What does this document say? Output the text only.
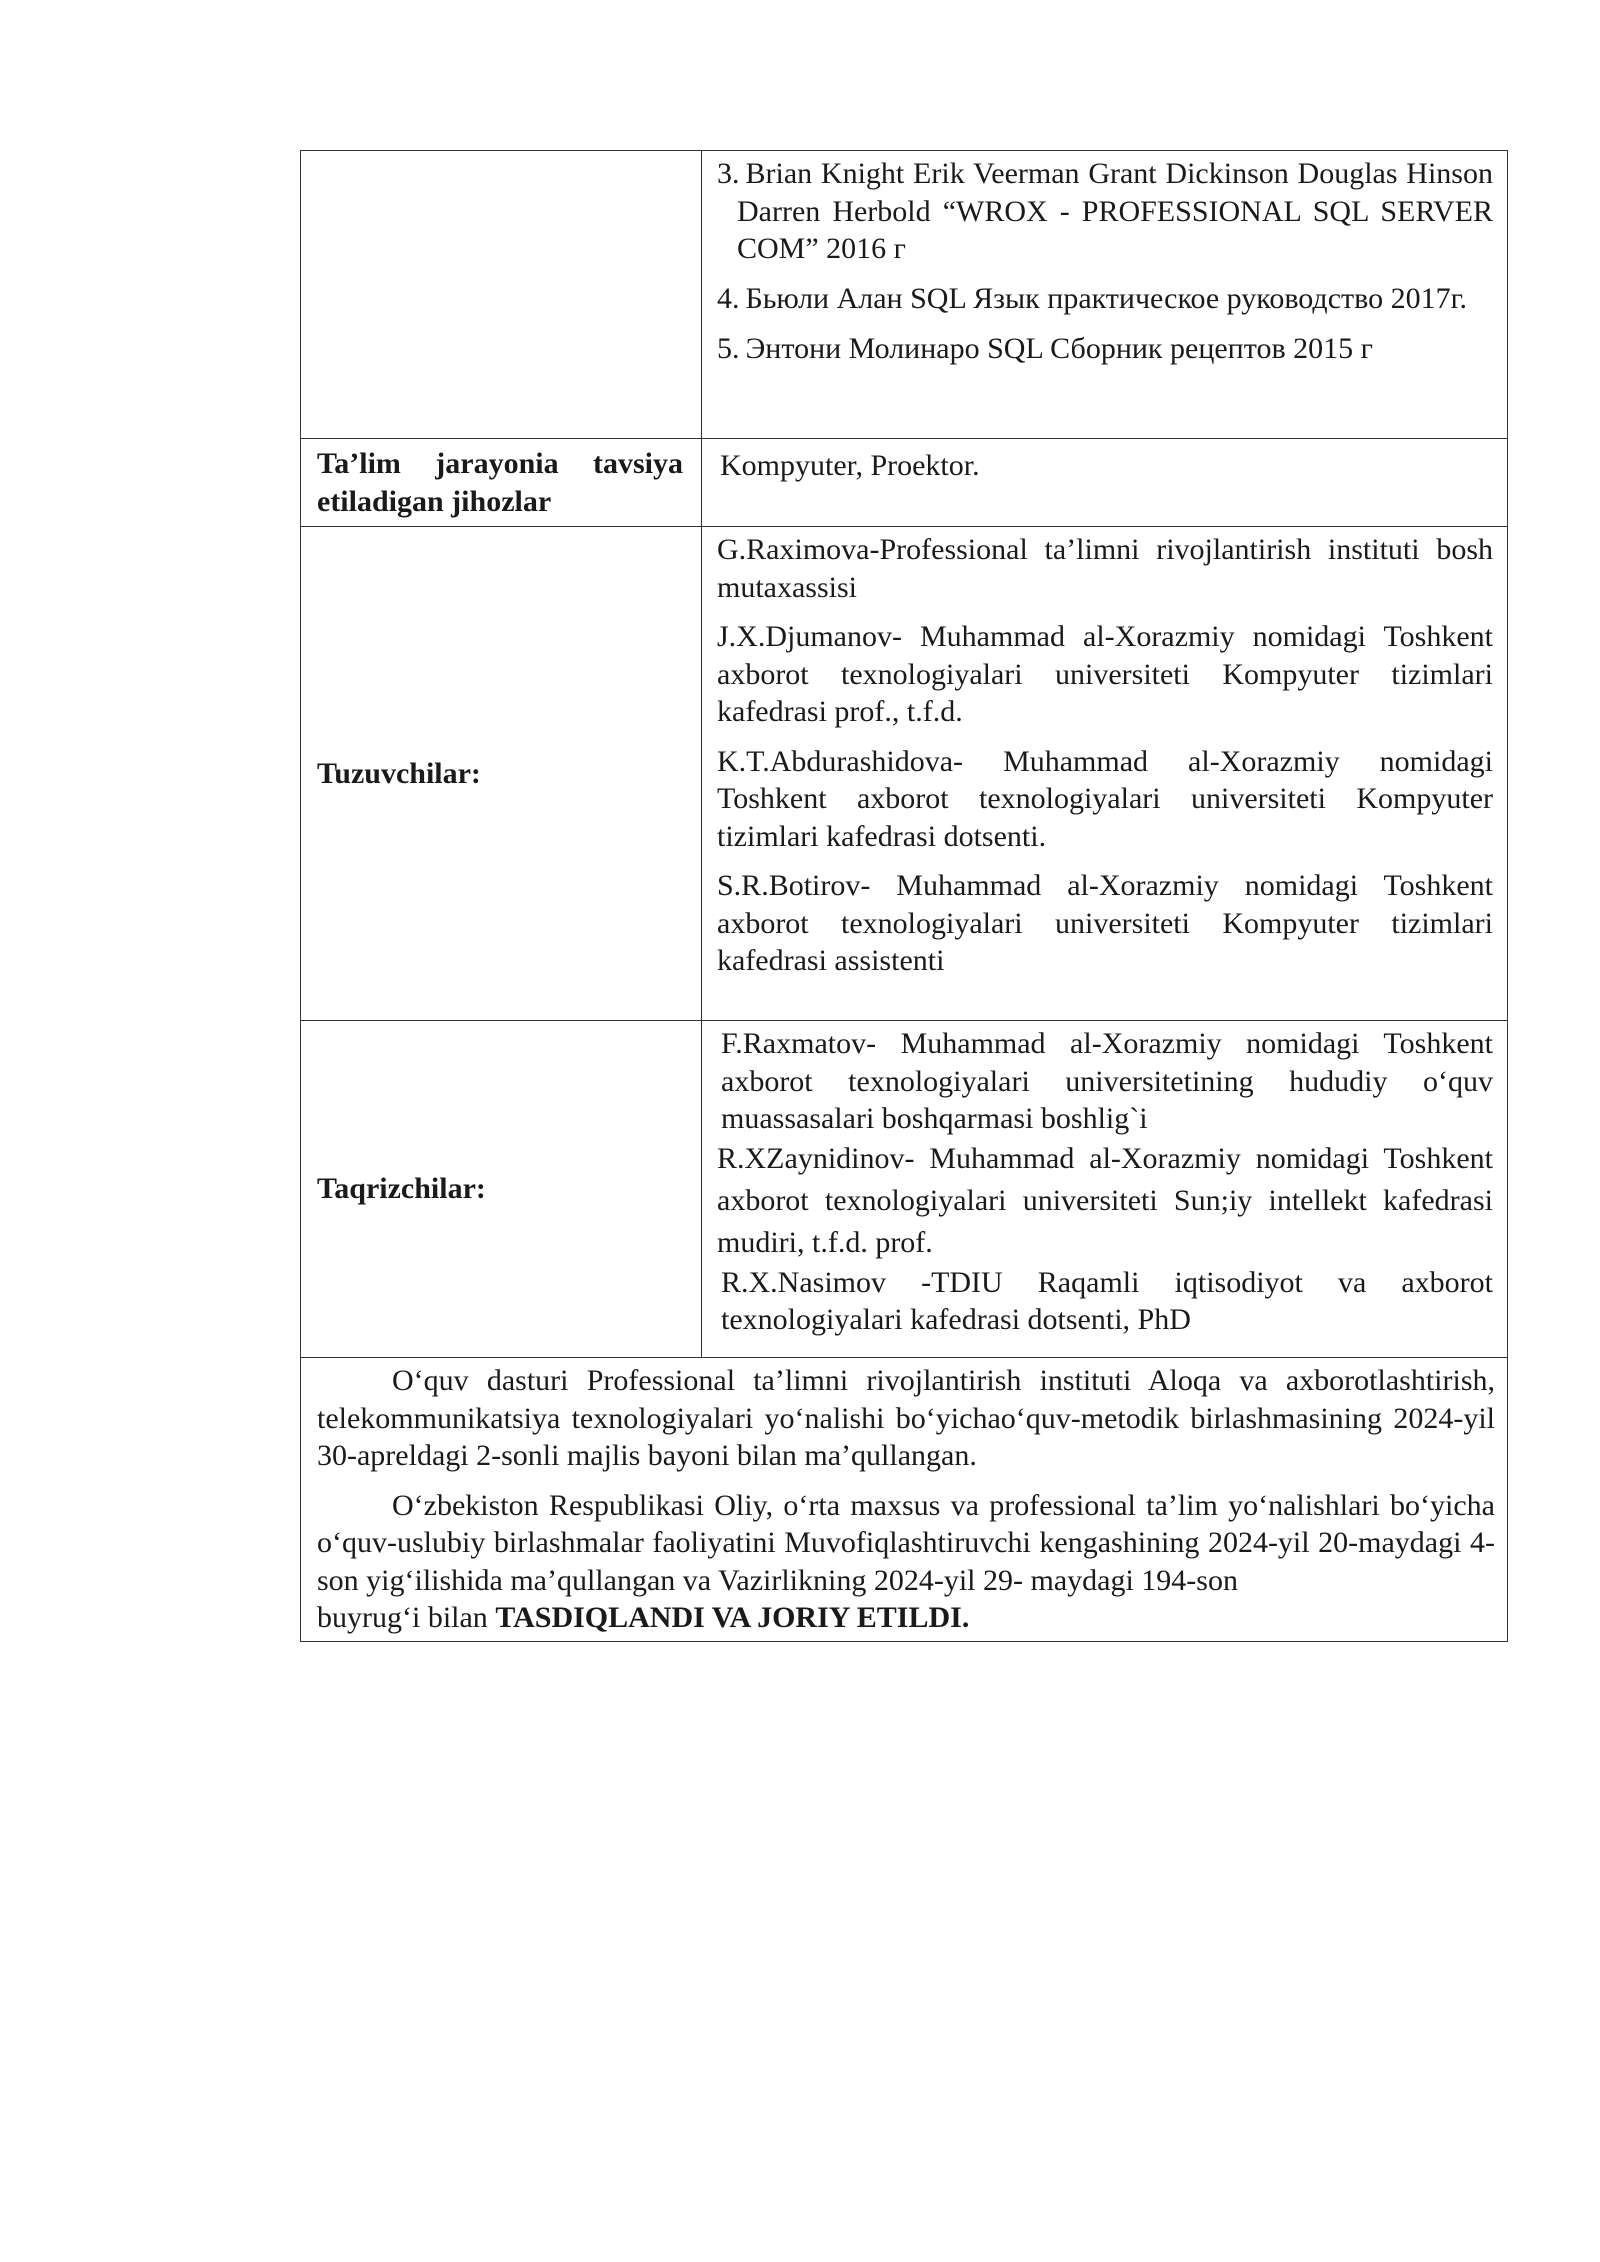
	3. Brian Knight Erik Veerman Grant Dickinson Douglas Hinson Darren Herbold “WROX - PROFESSIONAL SQL SERVER COM” 2016 г
4. Бьюли Алан SQL Язык практическое руководство 2017г.
5. Энтони Молинаро SQL Сборник рецептов 2015 г

Ta’lim jarayonia tavsiya etiladigan jihozlar	Kompyuter, Proektor.
Tuzuvchilar:	G.Raximova-Professional ta’limni rivojlantirish instituti bosh mutaxassisi

J.X.Djumanov- Muhammad al-Xorazmiy nomidagi Toshkent axborot texnologiyalari universiteti Kompyuter tizimlari kafedrasi prof., t.f.d.

K.T.Abdurashidova- Muhammad al-Xorazmiy nomidagi Toshkent axborot texnologiyalari universiteti Kompyuter tizimlari kafedrasi dotsenti.

S.R.Botirov- Muhammad al-Xorazmiy nomidagi Toshkent axborot texnologiyalari universiteti Kompyuter tizimlari kafedrasi assistenti

Taqrizchilar:	F.Raxmatov- Muhammad al-Xorazmiy nomidagi Toshkent axborot texnologiyalari universitetining hududiy o‘quv muassasalari boshqarmasi boshlig`i

R.XZaynidinov- Muhammad al-Xorazmiy nomidagi Toshkent axborot texnologiyalari universiteti Sun;iy intellekt kafedrasi mudiri, t.f.d. prof.

R.X.Nasimov -TDIU Raqamli iqtisodiyot va axborot texnologiyalari kafedrasi dotsenti, PhD

O‘quv dasturi Professional ta’limni rivojlantirish instituti Aloqa va axborotlashtirish, telekommunikatsiya texnologiyalari yo‘nalishi bo‘yichao‘quv-metodik birlashmasining 2024-yil 30-apreldagi 2-sonli majlis bayoni bilan ma’qullangan.

O‘zbekiston Respublikasi Oliy, o‘rta maxsus va professional ta’lim yo‘nalishlari bo‘yicha o‘quv-uslubiy birlashmalar faoliyatini Muvofiqlashtiruvchi kengashining 2024-yil 20-maydagi 4-son yig‘ilishida ma’qullangan va Vazirlikning 2024-yil 29- maydagi 194-son
buyrug‘i bilan TASDIQLANDI VA JORIY ETILDI.	
